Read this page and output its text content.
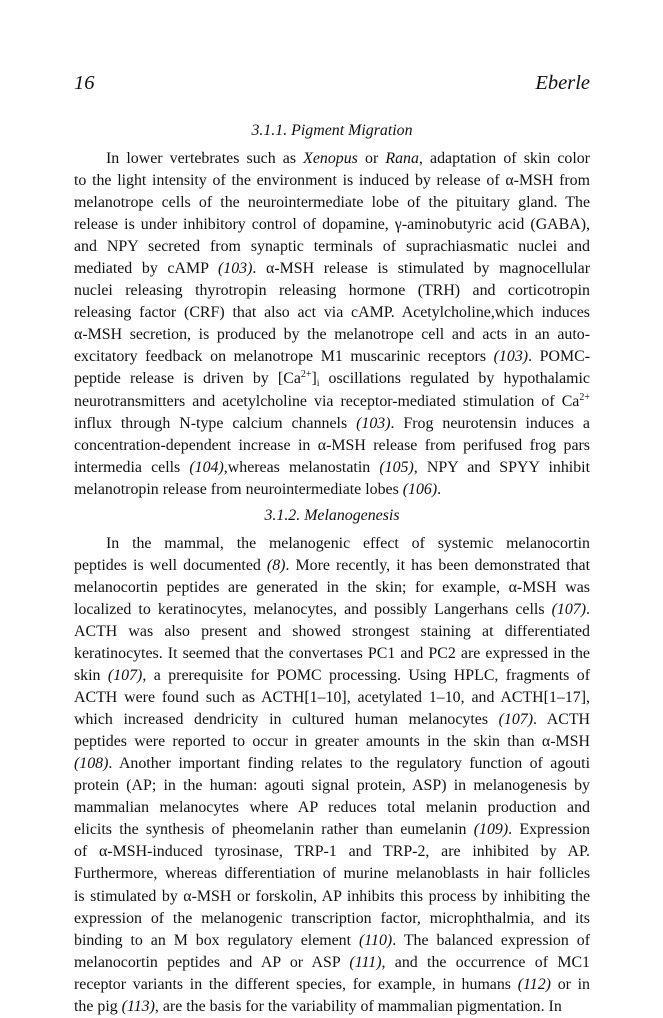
16	Eberle
3.1.1. Pigment Migration

In lower vertebrates such as Xenopus or Rana, adaptation of skin color

to the light intensity of the environment is induced by release of α-MSH from

melanotrope cells of the neurointermediate lobe of the pituitary gland. The

release is under inhibitory control of dopamine, γ-aminobutyric acid (GABA),

and NPY secreted from synaptic terminals of suprachiasmatic nuclei and

mediated by cAMP (103). α-MSH release is stimulated by magnocellular

nuclei releasing thyrotropin releasing hormone (TRH) and corticotropin

releasing factor (CRF) that also act via cAMP. Acetylcholine,which induces

α-MSH secretion, is produced by the melanotrope cell and acts in an auto-

excitatory feedback on melanotrope M1 muscarinic receptors (103). POMC-

peptide release is driven by $[Ca^{2+}]_i$ oscillations regulated by hypothalamic

neurotransmitters and acetylcholine via receptor-mediated stimulation of $Ca^{2+}$

influx through N-type calcium channels (103). Frog neurotensin induces a

concentration-dependent increase in α-MSH release from perifused frog pars

intermedia cells (104),whereas melanostatin (105), NPY and SPYY inhibit

melanotropin release from neurointermediate lobes (106).

3.1.2. Melanogenesis

In the mammal, the melanogenic effect of systemic melanocortin

peptides is well documented (8). More recently, it has been demonstrated that

melanocortin peptides are generated in the skin; for example, α-MSH was

localized to keratinocytes, melanocytes, and possibly Langerhans cells (107).

ACTH was also present and showed strongest staining at differentiated

keratinocytes. It seemed that the convertases PC1 and PC2 are expressed in the

skin (107), a prerequisite for POMC processing. Using HPLC, fragments of

ACTH were found such as ACTH[1–10], acetylated 1–10, and ACTH[1–17],

which increased dendricity in cultured human melanocytes (107). ACTH

peptides were reported to occur in greater amounts in the skin than α-MSH

(108). Another important finding relates to the regulatory function of agouti

protein (AP; in the human: agouti signal protein, ASP) in melanogenesis by

mammalian melanocytes where AP reduces total melanin production and

elicits the synthesis of pheomelanin rather than eumelanin (109). Expression

of α-MSH-induced tyrosinase, TRP-1 and TRP-2, are inhibited by AP.

Furthermore, whereas differentiation of murine melanoblasts in hair follicles

is stimulated by α-MSH or forskolin, AP inhibits this process by inhibiting the

expression of the melanogenic transcription factor, microphthalmia, and its

binding to an M box regulatory element (110). The balanced expression of

melanocortin peptides and AP or ASP (111), and the occurrence of MC1

receptor variants in the different species, for example, in humans (112) or in

the pig (113), are the basis for the variability of mammalian pigmentation. In
